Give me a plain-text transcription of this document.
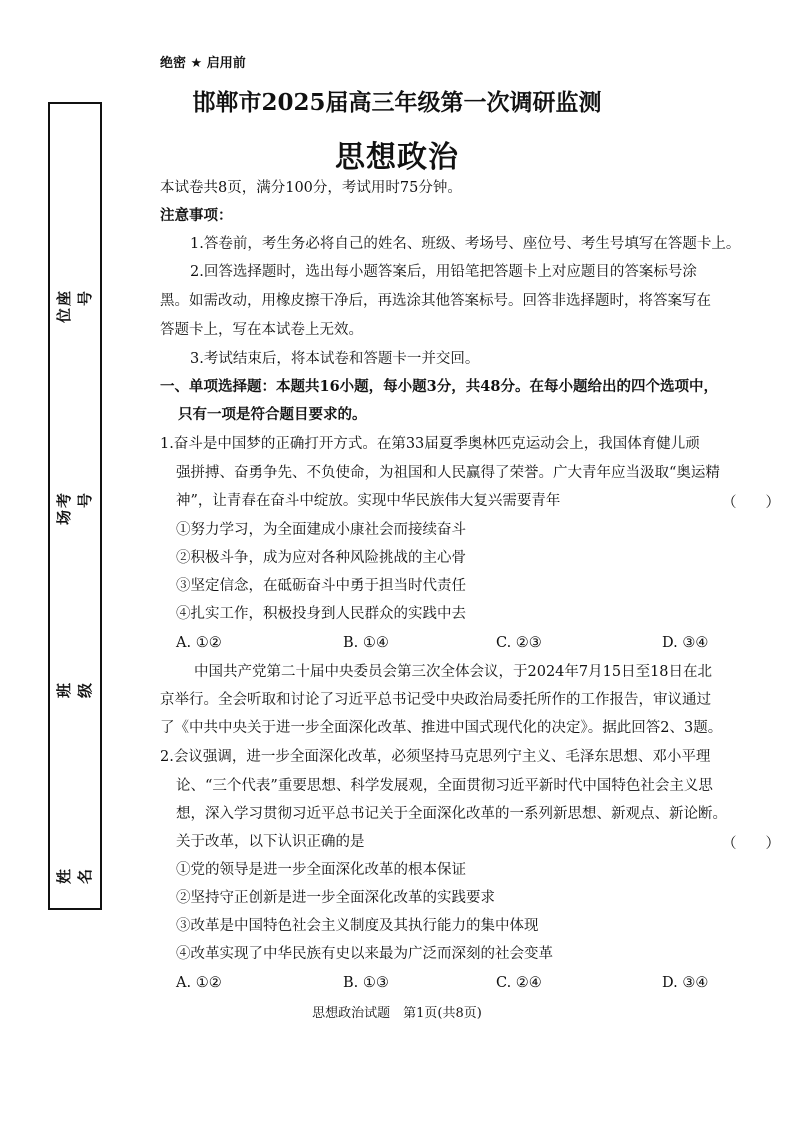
绝密 ★ 启用前
邯郸市2025届高三年级第一次调研监测
思想政治
座
位
号
考
场
号
班 级
姓 名
本试卷共8页，满分100分，考试用时75分钟。
注意事项：
1.答卷前，考生务必将自己的姓名、班级、考场号、座位号、考生号填写在答题卡上。
2.回答选择题时，选出每小题答案后，用铅笔把答题卡上对应题目的答案标号涂
黑。如需改动，用橡皮擦干净后，再选涂其他答案标号。回答非选择题时，将答案写在
答题卡上，写在本试卷上无效。
3.考试结束后，将本试卷和答题卡一并交回。
一、单项选择题：本题共16小题，每小题3分，共48分。在每小题给出的四个选项中，
只有一项是符合题目要求的。
1.奋斗是中国梦的正确打开方式。在第33届夏季奥林匹克运动会上，我国体育健儿顽
强拼搏、奋勇争先、不负使命，为祖国和人民赢得了荣誉。广大青年应当汲取“奥运精
神”，让青春在奋斗中绽放。实现中华民族伟大复兴需要青年	（　　）
①努力学习，为全面建成小康社会而接续奋斗
②积极斗争，成为应对各种风险挑战的主心骨
③坚定信念，在砥砺奋斗中勇于担当时代责任
④扎实工作，积极投身到人民群众的实践中去
A. ①②	B. ①④	C. ②③	D. ③④
中国共产党第二十届中央委员会第三次全体会议，于2024年7月15日至18日在北
京举行。全会听取和讨论了习近平总书记受中央政治局委托所作的工作报告，审议通过
了《中共中央关于进一步全面深化改革、推进中国式现代化的决定》。据此回答2、3题。
2.会议强调，进一步全面深化改革，必须坚持马克思列宁主义、毛泽东思想、邓小平理
论、“三个代表”重要思想、科学发展观，全面贯彻习近平新时代中国特色社会主义思
想，深入学习贯彻习近平总书记关于全面深化改革的一系列新思想、新观点、新论断。
关于改革，以下认识正确的是	（　　）
①党的领导是进一步全面深化改革的根本保证
②坚持守正创新是进一步全面深化改革的实践要求
③改革是中国特色社会主义制度及其执行能力的集中体现
④改革实现了中华民族有史以来最为广泛而深刻的社会变革
A. ①②	B. ①③	C. ②④	D. ③④
思想政治试题　第1页(共8页)
